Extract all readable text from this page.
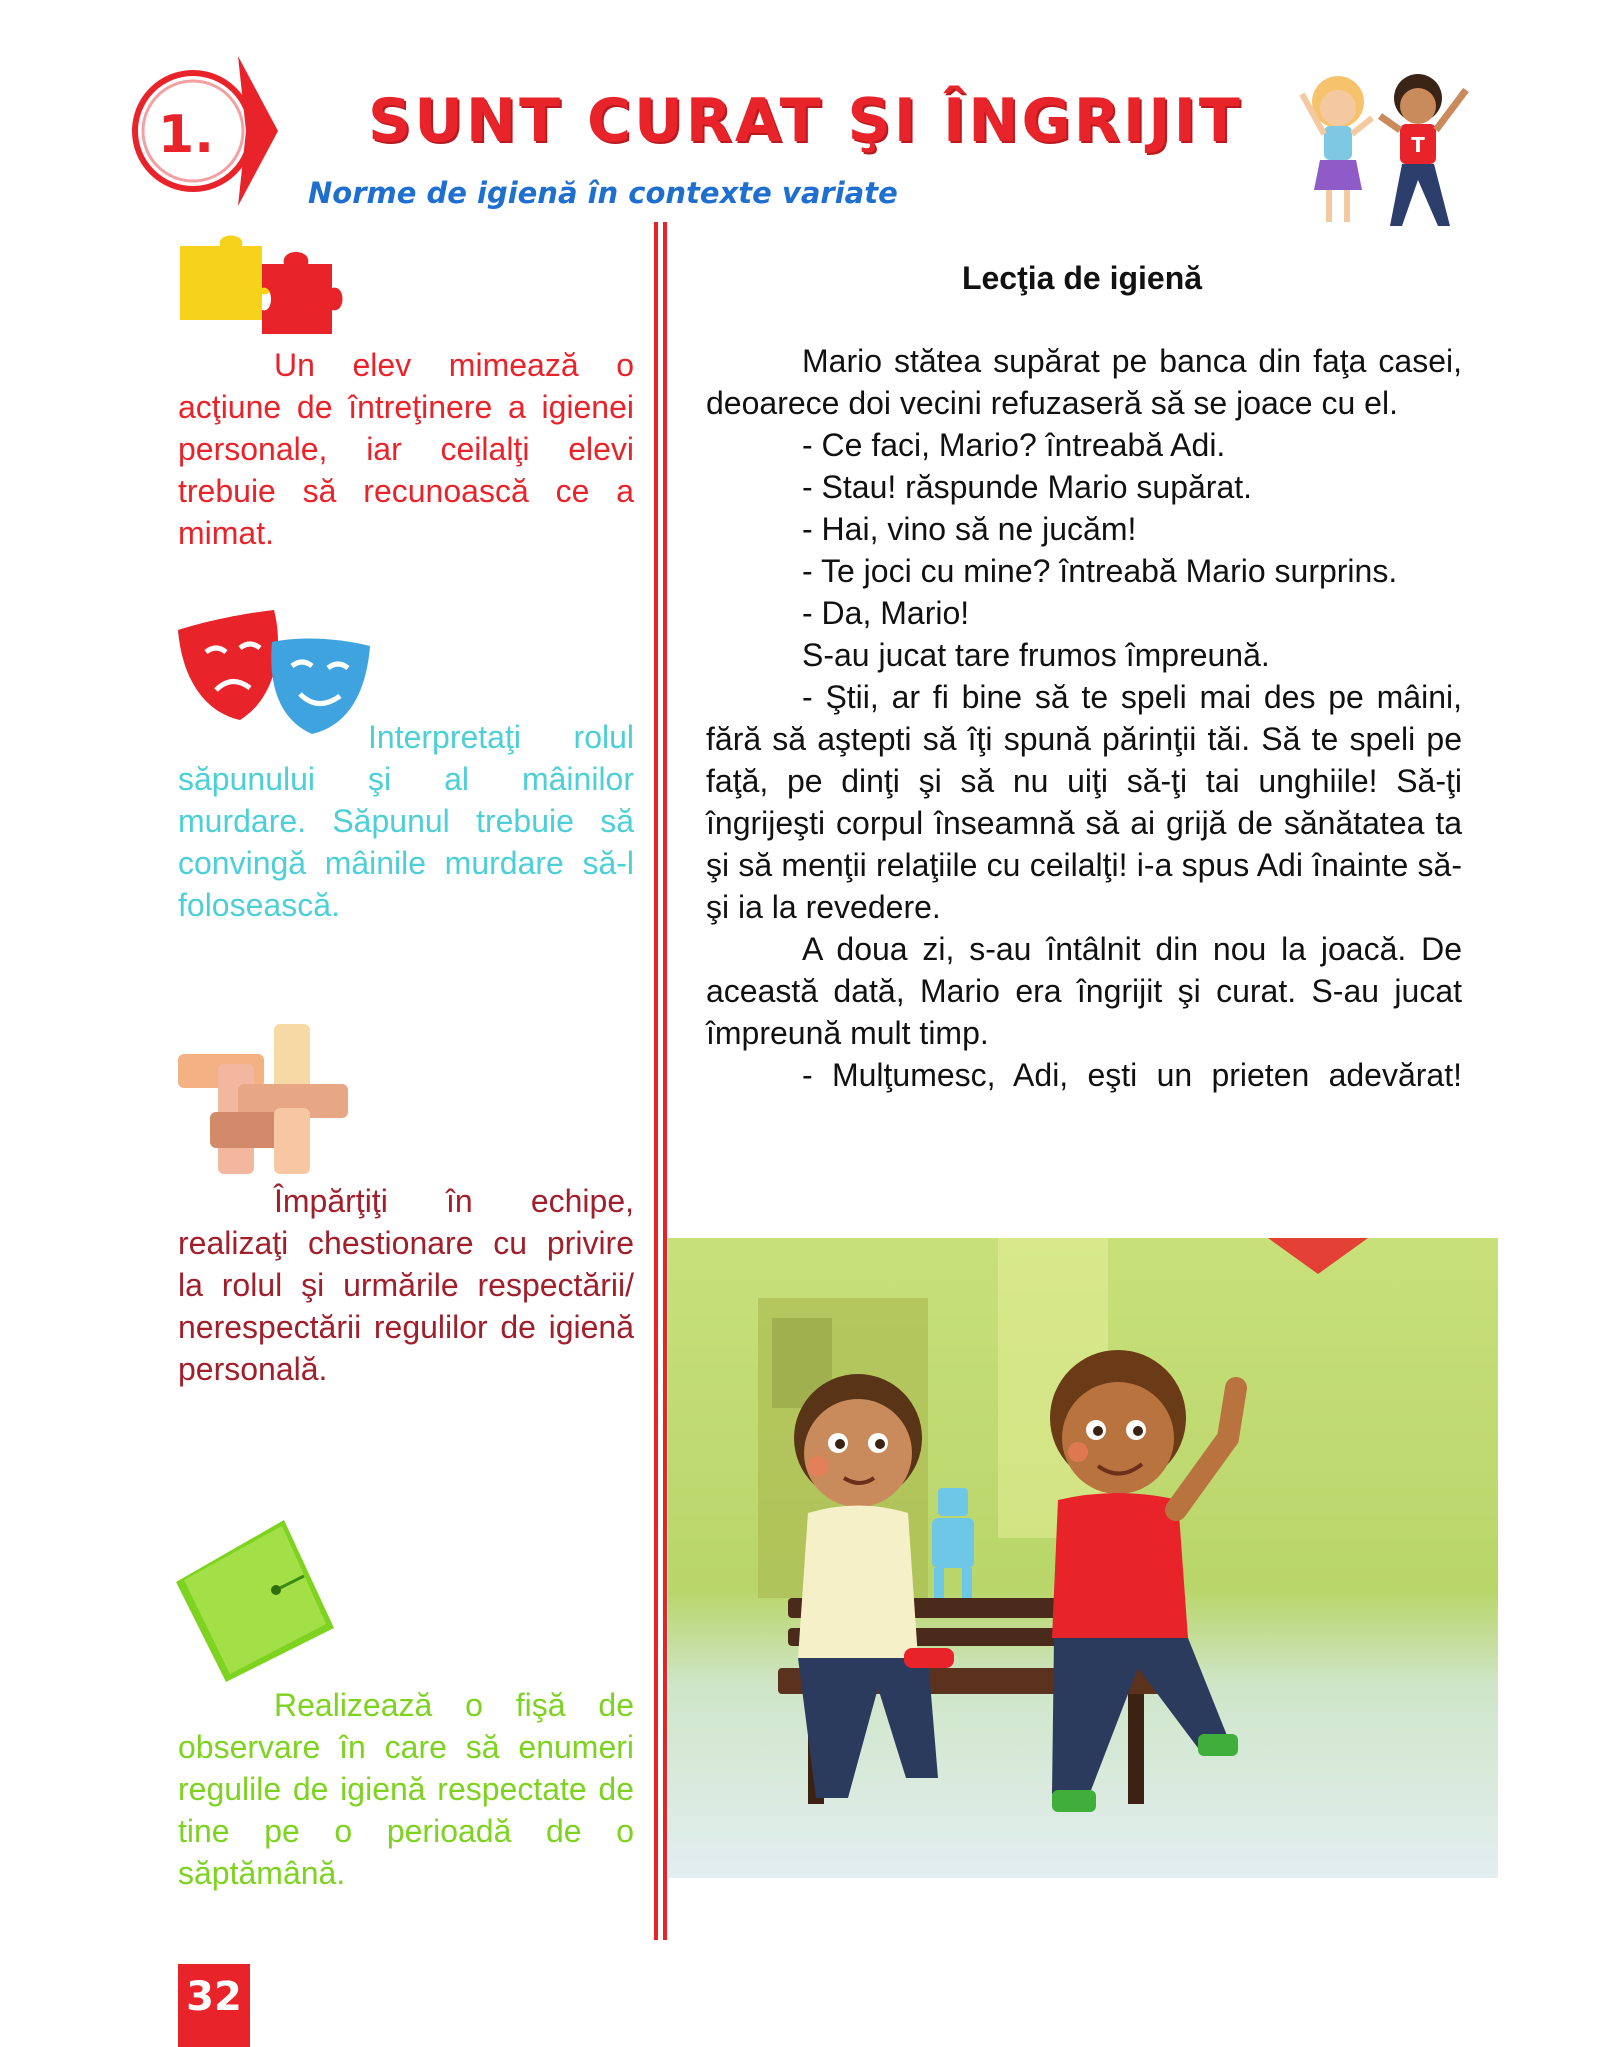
1.	SUNT CURAT ŞI ÎNGRIJIT
Norme de igienă în contexte variate
T

Un elev mimează o acţiune de întreţinere a igienei personale, iar ceilalţi elevi trebuie să recunoască ce a mimat.

Interpretaţi rolul săpunului şi al mâinilor murdare. Săpunul trebuie să convingă mâinile murdare să-l folosească.

Împărţiţi în echipe, realizaţi chestionare cu privire la rolul şi urmările respectării/ nerespectării regulilor de igienă personală.

Realizează o fişă de observare în care să enumeri regulile de igienă respectate de tine pe o perioadă de o săptămână.

Lecţia de igienă

Mario stătea supărat pe banca din faţa casei, deoarece doi vecini refuzaseră să se joace cu el.

- Ce faci, Mario? întreabă Adi.

- Stau! răspunde Mario supărat.

- Hai, vino să ne jucăm!

- Te joci cu mine? întreabă Mario surprins.

- Da, Mario!

S-au jucat tare frumos împreună.

- Ştii, ar fi bine să te speli mai des pe mâini, fără să aştepti să îţi spună părinţii tăi. Să te speli pe faţă, pe dinţi şi să nu uiţi să-ţi tai unghiile! Să-ţi îngrijeşti corpul înseamnă să ai grijă de sănătatea ta şi să menţii relaţiile cu ceilalţi! i-a spus Adi înainte să-şi ia la revedere.

A doua zi, s-au întâlnit din nou la joacă. De această dată, Mario era îngrijit şi curat. S-au jucat împreună mult timp.

- Mulţumesc, Adi, eşti un prieten adevărat!

32
